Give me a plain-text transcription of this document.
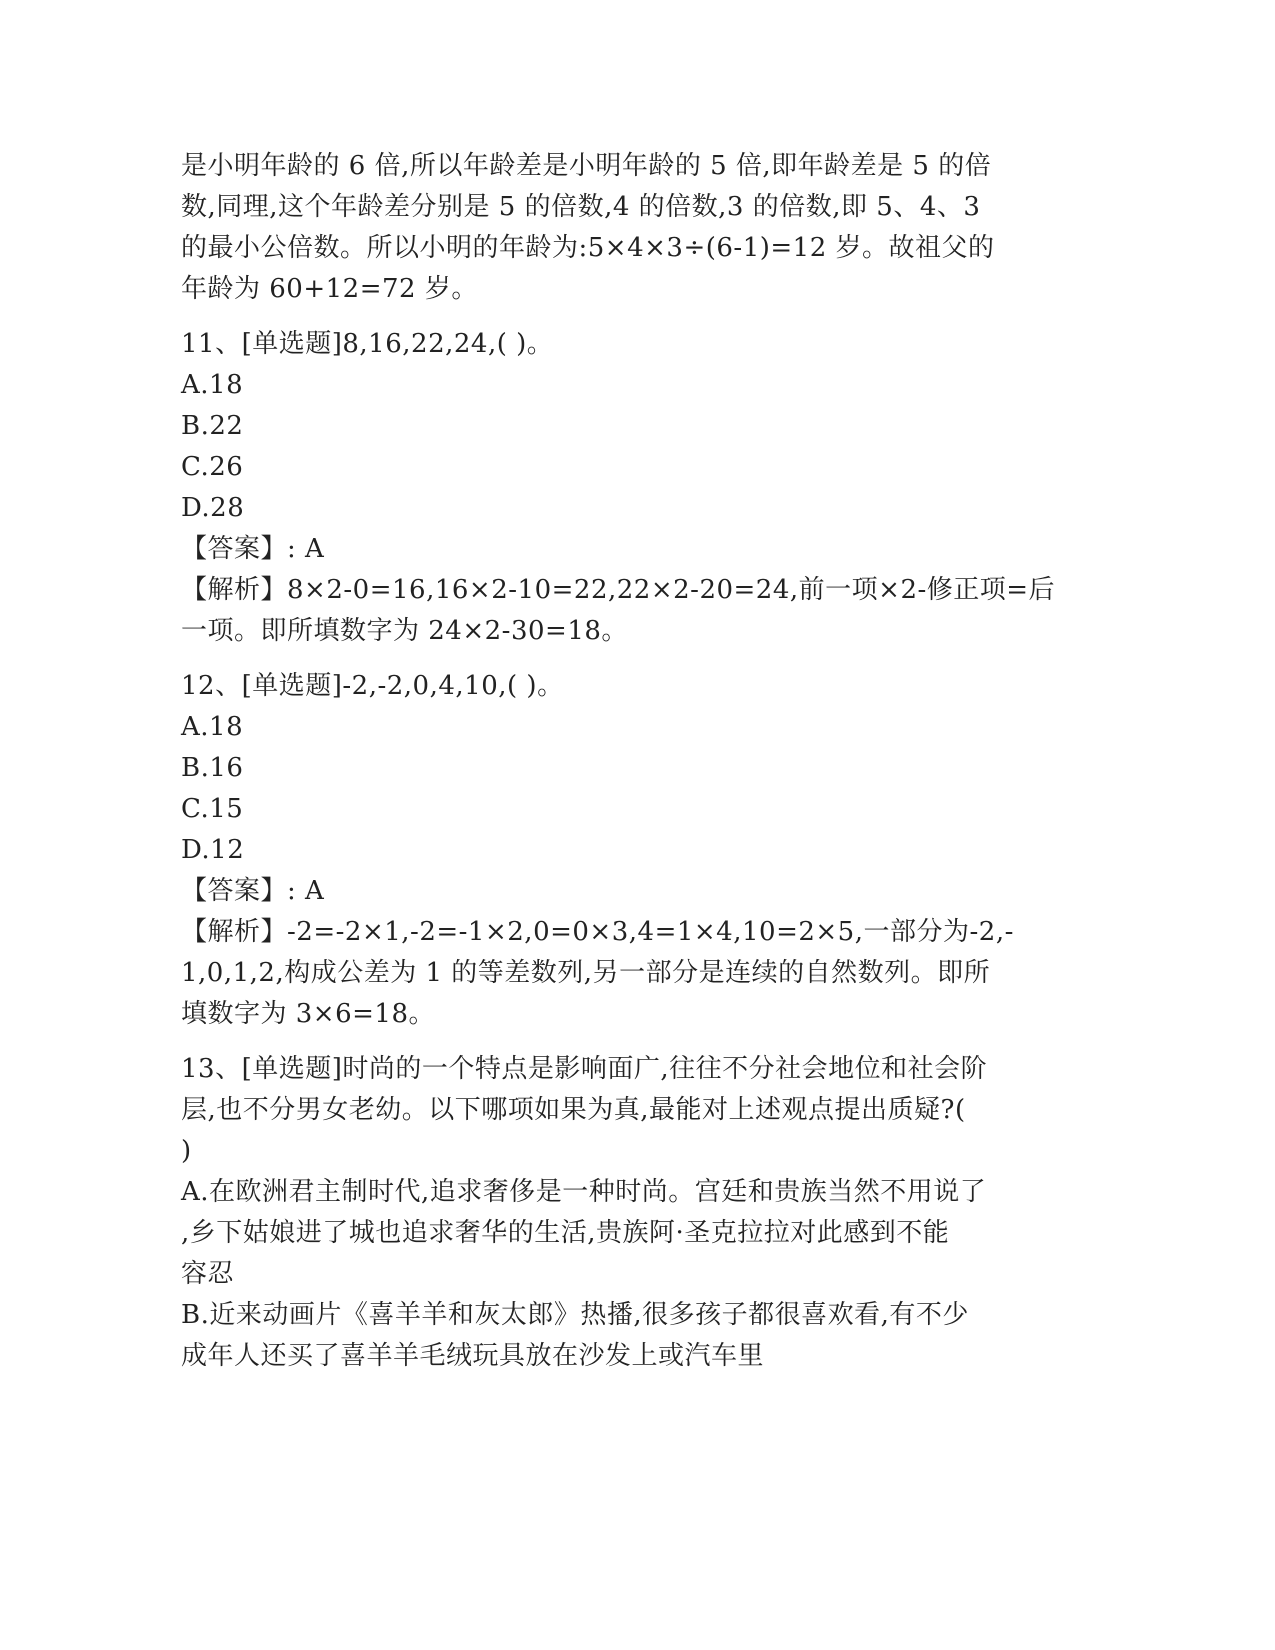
是小明年龄的 6 倍,所以年龄差是小明年龄的 5 倍,即年龄差是 5 的倍
数,同理,这个年龄差分别是 5 的倍数,4 的倍数,3 的倍数,即 5、4、3
的最小公倍数。所以小明的年龄为:5×4×3÷(6-1)=12 岁。故祖父的
年龄为 60+12=72 岁。
11、[单选题]8,16,22,24,( )。
A.18
B.22
C.26
D.28
【答案】: A
【解析】8×2-0=16,16×2-10=22,22×2-20=24,前一项×2-修正项=后
一项。即所填数字为 24×2-30=18。
12、[单选题]-2,-2,0,4,10,( )。
A.18
B.16
C.15
D.12
【答案】: A
【解析】-2=-2×1,-2=-1×2,0=0×3,4=1×4,10=2×5,一部分为-2,-
1,0,1,2,构成公差为 1 的等差数列,另一部分是连续的自然数列。即所
填数字为 3×6=18。
13、[单选题]时尚的一个特点是影响面广,往往不分社会地位和社会阶
层,也不分男女老幼。以下哪项如果为真,最能对上述观点提出质疑?(
)
A.在欧洲君主制时代,追求奢侈是一种时尚。宫廷和贵族当然不用说了
,乡下姑娘进了城也追求奢华的生活,贵族阿·圣克拉拉对此感到不能
容忍
B.近来动画片《喜羊羊和灰太郎》热播,很多孩子都很喜欢看,有不少
成年人还买了喜羊羊毛绒玩具放在沙发上或汽车里
